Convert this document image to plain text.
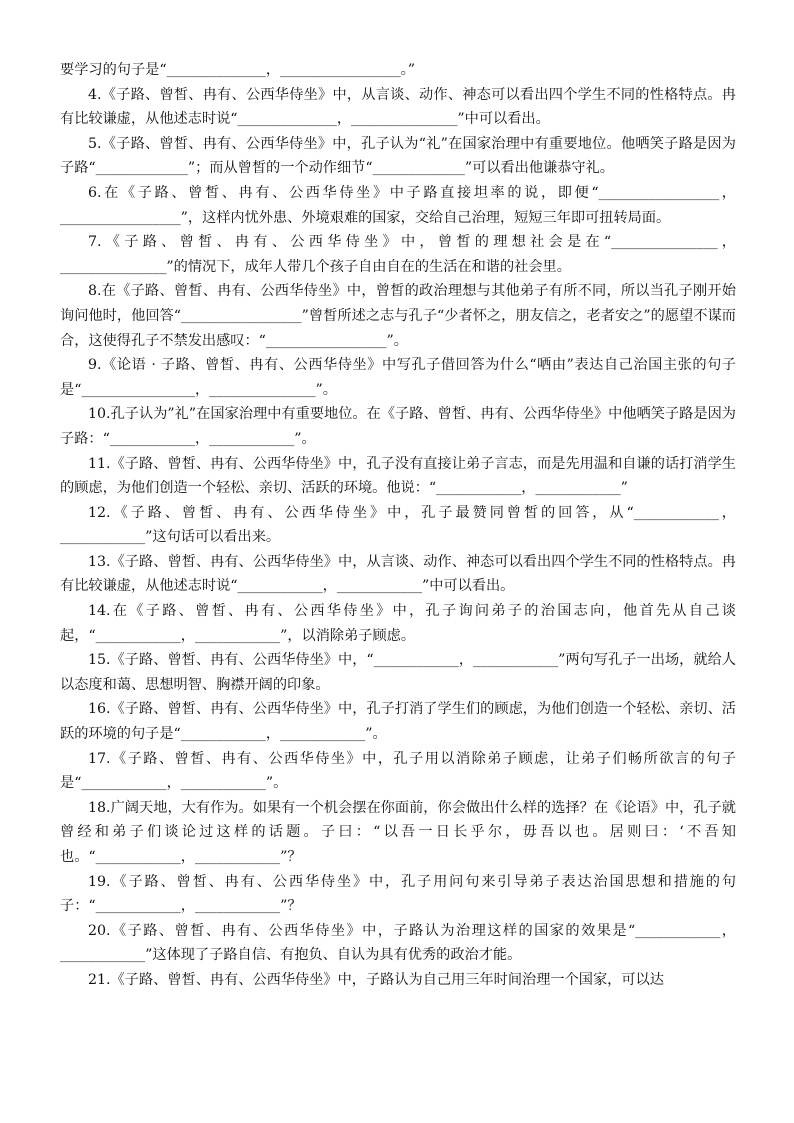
要学习的句子是“______________，_________________。”

4.《子路、曾皙、冉有、公西华侍坐》中，从言谈、动作、神态可以看出四个学生不同的性格特点。冉有比较谦虚，从他述志时说“______________，_______________”中可以看出。

5.《子路、曾皙、冉有、公西华侍坐》中，孔子认为“礼”在国家治理中有重要地位。他哂笑子路是因为子路“_____________”；而从曾皙的一个动作细节“_____________”可以看出他谦恭守礼。

6.在《子路、曾皙、冉有、公西华侍坐》中子路直接坦率的说，即便“_________________，_________________”，这样内忧外患、外境艰难的国家，交给自己治理，短短三年即可扭转局面。

7.《子路、曾皙、冉有、公西华侍坐》中，曾皙的理想社会是在“_______________，_______________”的情况下，成年人带几个孩子自由自在的生活在和谐的社会里。

8.在《子路、曾皙、冉有、公西华侍坐》中，曾皙的政治理想与其他弟子有所不同，所以当孔子刚开始询问他时，他回答“_________________”曾皙所述之志与孔子“少者怀之，朋友信之，老者安之”的愿望不谋而合，这使得孔子不禁发出感叹：“_________________”。

9.《论语 · 子路、曾皙、冉有、公西华侍坐》中写孔子借回答为什么“哂由”表达自己治国主张的句子是“________________，_______________”。

10.孔子认为”礼”在国家治理中有重要地位。在《子路、曾皙、冉有、公西华侍坐》中他哂笑子路是因为子路：“____________，____________”。

11.《子路、曾皙、冉有、公西华侍坐》中，孔子没有直接让弟子言志，而是先用温和自谦的话打消学生的顾虑，为他们创造一个轻松、亲切、活跃的环境。他说：“____________，____________”

12.《子路、曾皙、冉有、公西华侍坐》中，孔子最赞同曾皙的回答，从“____________，____________”这句话可以看出来。

13.《子路、曾皙、冉有、公西华侍坐》中，从言谈、动作、神态可以看出四个学生不同的性格特点。冉有比较谦虚，从他述志时说“____________，____________”中可以看出。

14.在《子路、曾皙、冉有、公西华侍坐》中，孔子询问弟子的治国志向，他首先从自己谈起，“____________，____________”，以消除弟子顾虑。

15.《子路、曾皙、冉有、公西华侍坐》中，“____________，____________”两句写孔子一出场，就给人以态度和蔼、思想明智、胸襟开阔的印象。

16.《子路、曾皙、冉有、公西华侍坐》中，孔子打消了学生们的顾虑，为他们创造一个轻松、亲切、活跃的环境的句子是“____________，____________”。

17.《子路、曾皙、冉有、公西华侍坐》中，孔子用以消除弟子顾虑，让弟子们畅所欲言的句子是“____________，____________”。

18.广阔天地，大有作为。如果有一个机会摆在你面前，你会做出什么样的选择？在《论语》中，孔子就曾经和弟子们谈论过这样的话题。子曰：“以吾一日长乎尔，毋吾以也。居则曰：‘不吾知也。“____________，____________”？

19.《子路、曾皙、冉有、公西华侍坐》中，孔子用问句来引导弟子表达治国思想和措施的句子：“____________，____________”？

20.《子路、曾皙、冉有、公西华侍坐》中，子路认为治理这样的国家的效果是“____________，____________”这体现了子路自信、有抱负、自认为具有优秀的政治才能。

21.《子路、曾皙、冉有、公西华侍坐》中，子路认为自己用三年时间治理一个国家，可以达
